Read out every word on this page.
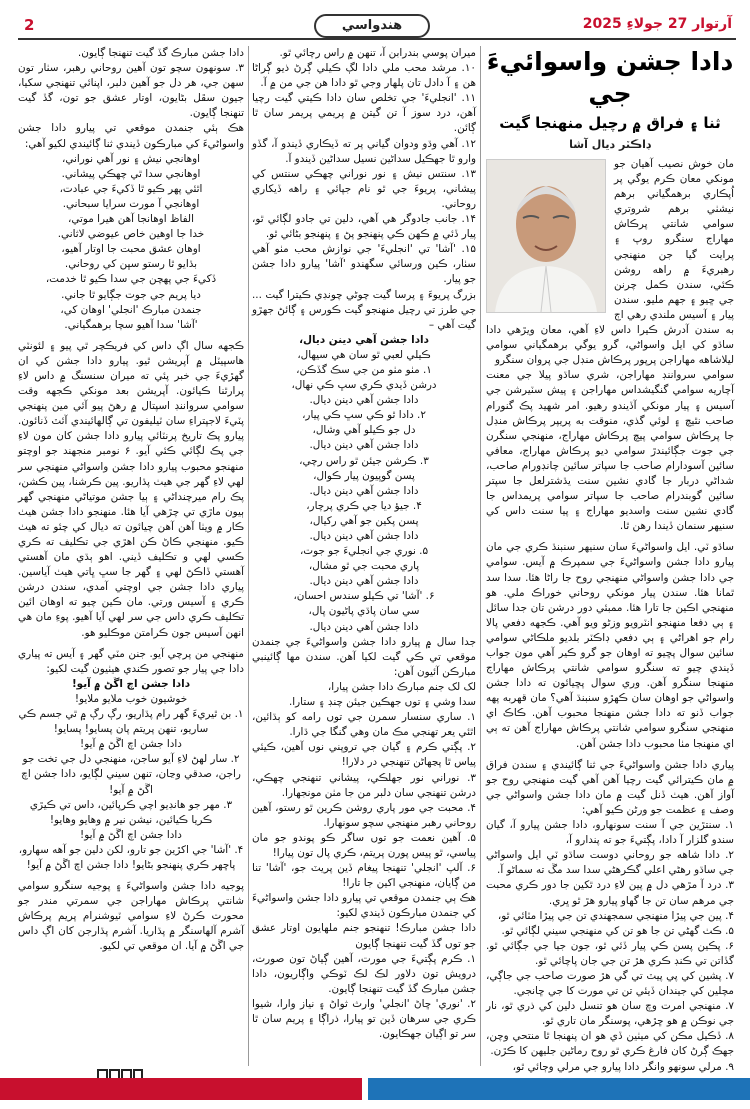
2	هندواسي	آرتوار 27 جولاءِ 2025
دادا جشن واسوائيءَ جي
ثنا ۽ فراق ۾ رچيل منهنجا گيت
ڊاڪٽر ديال آشا

مان خوش نصيب آهيان جو مونکي معان ڪرم يوگي پر اُپڪاري برهمگياني برهم نيشٺي برهم شروتري سوامي شانتي پرڪاش مهاراج سنگرو روپ ۽ پرايت گيا جن منهنجي رهبريءَ ۾ راهه روشن ڪئي، سندن ڪمل چرنن جي ڇيو ۽ جهم مليو. سندن پيار ۽ آسيس ملندي رهي اڄ به سندن آدرش ڪيرا داس لاءِ آهي، معان ويڙهي دادا ساڌو کي ايل واسواڻي، گرو يوگي برهمگياني سوامي ليلاشاهه مهاراجن پرپور پرڪاش منڊل جي پروان سنگرو

سوامي سرواننڊ مهاراجن، شري ساڌو پيلا جي معنت آچاريه سوامي گنگيشداس مهاراجن ۽ پيش سٽيرشن جي آسيس ۽ پيار مونکي آڏيندو رهيو. امر شهيد پڪ گنورام صاحب نٿيچ ۽ لوئي گذي، منوقت به پريپر پرڪاش منڊل جا پرڪاش سوامي پيچ پرڪاش مهاراج، منهنجي سنگرن جي جوت جڳائيندڙ سوامي ديو پرڪاش مهاراج، معافي سائين آسودارام صاحب جا سپاتر سائين چانڊورام صاحب، شداڻي دربار جا گادي نشين سنت يڌشترلعل جا سپتر سائين گوبندرام صاحب جا سپاتر سوامي پريمداس جا گادي نشين سنت واسديو مهاراج ۽ پيا سنت داس کي سنيهر سنمان ڏيندا رهن ٿا.

ساڌو ٽي. ايل واسواڻيءَ سان سنيهر سنبنڌ ڪري جي مان پيارو دادا جشن واسواڻيءَ جي سمپرڪ ۾ آيس. سوامي جي دادا جشن واسواڻي منهنجي روح جا راڻا هئا. سدا سد ٿمانا هئا. سندن پيار مونکي روحاني خوراڪ ملي. هو منهنجي اڪين جا تارا هئا. ممبئي دور درشن تان جدا سائل ۽ ٻي دفعا منهنجو انٽرويو وزڻو ويو آهي. ڪجهه دفعي پالا رام جو اهراڻي ۽ ٻي دفعي ڊاڪٽر بلديو ملڪاڻي سوامي سائين سوال پڇيو ته اوهان جو گرو ڪير آهي مون جواب ڏيندي چيو ته سنگرو سوامي شانتي پرڪاش مهاراج منهنجا سنگرو آهن. وري سوال پڇيائون ته دادا جشن واسواڻي جو اوهان سان ڪهڙو سنبنڌ آهي؟ مان قهربه پهه جواب ڏنو ته دادا جشن منهنجا محبوب آهن. ڪاڪ اي منهنجي سنگرو سوامي شانتي پرڪاش مهاراج آهن ته ٻي اي منهنجا مٺا محبوب دادا جشن آهن.

پياري دادا جشن واسواڻيءَ جي ثنا ڳائيندي ۽ سندن فراق ۾ مان ڪيترائي گيت رچيا آهن آهي گيت منهنجي روح جو آواز آهن. هيٺ ڏنل گيت ۾ مان دادا جشن واسواڻي جي وصف ۽ عظمت جو ورڻن ڪيو آهي:

۱. سنتڙين جي آ سنت سونهارو، دادا جشن پيارو آ، گيان سندو گلزار آ دادا، پڳتيءَ جو ته پندارو آ،

۲. دادا شاهه جو روحاني دوست ساڌو ٽي ايل واسواڻي جي ساڌو رهڻي اعلي گڪرهڻي سدا سد مڱ ته سماڻو آ.

۳. درد آ مڙهي دل ۾ پين لاءِ درد ٿکين جا دور ڪري محبت جي مرهم سان تن جا گهاو پيارو هڙ ٿو ڀري.

۴. پين جي پيڙا منهنجي سمجهندي تن جي پيڙا مٽائي ٿو،

۵. ڪٺ گهڻي تن جا هو تن کي منهنجي سيني لڳائي ٿو.

۶. پڪين پسن ڪي پيار ڏئي ٿو، جون جيا جي جڳائي ٿو. گڏاتن تي ڪنڊ ڪري هڙ تن جي جان پاچائي ٿو.

۷. پشين کي پي پيٽ تي گي هڙ صورت صاحب جي جاڳي، مچلين کي جيندان ڏيئي تن تي مورت کا جي ڇانجي.

۷. منهنجي امرت وچ سان هو تنسل دلين کي ذري ٿو، نار جي نوڪن ۾ هو ڇڙهي، پوسنگر مان تاري ٿو.

۸. ڏڪيل مڪن کي ميٺين ڏي هو ان پنهنجا ٿا منتحي وچن، جهڪ ڳرڻ کان فارغ ڪري ٿو روح رماڻين جليهن کا ڪڙن.

۹. مرلي سونهو وانگر دادا پيارو جي مرلي وڄائي ٿو،

ميران پوسي بندرابن آ، تنهن ۾ راس رچائي ٿو.

۱۰. مرشد محب ملي دادا لڳ ڪيلي ڳرڻ ذيو ڳراڻا هن ۽ آ دادل تان پلهار وجي ٿو دادا هن جي من ۾ آ.

۱۱. 'انجليءَ' جي تخلص سان دادا ڪيتي گيت رچيا آهن، درد سوز آ تن گيتن ۾ پريمي پريمر سان ٿا ڳائن.

۱۲. آهي وڌو ودوان گياني پر ته ڏيڪاري ڏيندو آ، گڏو وارو ٿا جهڪيل سداڻين نسيل سداڻين ڏيندو آ.

۱۳. سنتس نيش ۽ نور نوراني چهڪي سنتس کي پيشاني، پريوءَ جي ٿو نام جپائي ۽ راهه ڏيکاري روحاني.

۱۴. جانب جادوگر هي آهي، دلين تي جادو لڳائي ٿو، پيار ڏئي ۾ ڪهن ڪي پنهنجو پڻ ۽ پنهنجو بڻائي ٿو.

۱۵. 'آشا' تي 'انجليءَ' جي نوازش محب مٺو آهي سٺار، ڪين ورسائي سگهندو 'آشا' پيارو دادا جشن جو پيار.

بزرگ پريوءَ ۽ پرسا گيت چوڻي چونڊي ڪيترا گيت ... جي طرز تي رچيل منهنجو گيت ڪورس ۽ ڳائڻ جهڙو گيت آهي –

دادا جشن آهي دينن ديال،

ڪيلي لعبي ٿو سان هي سيهال،

۱. مٺو مٺو من جي سڪ گڏڪن،

درشن ڏيدي ڪري سڀ ڪي نهال،

دادا جشن آهي دينن ديال.

۲. دادا ٿو ڪي سڀ ڪي پيار،

دل جو ڪيلو آهي وشال،

دادا جشن آهي دينن ديال.

۳. ڪرشن جيئن ٿو راس رچي،

پسن گوپيون پيار ڪوال،

دادا جشن آهي دينن ديال.

۴. جيؤ ديا جي ڪري پرچار،

پسن پکين جو آهي رکيال،

دادا جشن آهي دينن ديال.

۵. نوري جي انجليءَ جو جوت،

پاري محبت جي ٿو مشال،

دادا جشن آهي دينن ديال.

۶. 'آشا' تي ڪيلو سندس احسان،

سي سان پاڌي پاڻيون پال،

دادا جشن آهي دينن ديال.

جدا سال ۾ پيارو دادا جشن واسواڻيءَ جي جنمدن موقعي تي ڪي گيت لکيا آهن. سندن مها ڳائينبي مبارڪن آئيون آهن:

لک لک جنم مبارڪ دادا جشن پيارا،

سدا وشي ۽ توں جهڪين جيئن چنڊ ۽ ستارا.

۱. ساري سنسار سمرن جي توں رامه کو ٻڌائين، اٿئي يعر تهنجي مڪ مان وهي گنگا جي ڌارا.

۲. پڳتي ڪرم ۽ گيان جي تروپني نوں آهين، ڪيئي پياس ٿا پڃهاڻن تنهنجي در دلارا!

۳. نوراني نور جهلڪي، پيشاني تنهنجي چهڪي، درشن تنهنجي سان دلبر من جا مٺن مونجهارا.

۴. محبت جي مور پاري روشن ڪرين ٿو رستو، آهين روحاني رهبر منهنجي سچو سونهارا.

۵. آهين نعمت جو توں ساگر ڪو پوندو جو مان پياسي، ٿو پيس پورن پريتم، ڪري پال تون پيارا!

۶. آلپ 'انجلي' تنهنجا پيغام ڏين پريٽ جو، 'آشا' تنا من ڳايان، منهنجي اکين جا تارا!

هڪ ٻي جنمدن موقعي تي پيارو دادا جشن واسواڻيءَ کي جنمدن مبارڪون ڏيندي لکيو:

دادا جشن مبارڪ! تنهنجو جنم ملهايون اوتار عشق جو توں گڏ گيت تنهنجا ڳايون

۱. ڪرم پڳتيءَ جي مورت، آهين ڳياڻ تون صورت، درويش تون دلاور لڪ لڪ ٽوڪي واڳاريون، دادا جشن مبارڪ گڏ گيت تنهنجا ڳايون.

۲. 'نوري' ڇاڻ 'انجلي' وارث ثواڻ ۽ نياز وارا، شيوا ڪري جي سرهان ڏين تو پيارا، ذراڳا ۽ پريم سان ٿا سر تو اڳيان جهڪايون.

دادا جشن مبارڪ گڏ گيت تنهنجا ڳايون.

۳. سونهون سچو تون آهين روحاني رهبر، سٺار تون سهن جي، هر دل جو آهين دلبر، اپنائي تنهنجي سکيا، جيون سڦل بڻايون، اوتار عشق جو تون، گڏ گيت تنهنجا ڳايون.

هڪ ٻئي جنمدن موقعي تي پيارو دادا جشن واسواڻيءَ کي مبارڪون ڏيندي ثنا ڳائيندي لکيو آهي:

اوهانجي نيش ۽ نور آهي نوراني،

اوهانجي سدا ٿي چهڪي پيشاني.

اٿئي پهر ڪيو ٿا ڏکيءَ جي عبادت،

اوهانجي آ مورت سرايا سبحاني.

الفاظ اوهانجا آهن هيرا موتي،

خدا جا اوهين خاص عيوضي لاثاني.

اوهان عشق محبت جا اوتار آهيو،

بڌايو ٿا رستو سڀن کي روحاني.

ڏکيءَ جي پهچن جي سدا ڪيو ٿا خدمت،

ديا پريم جي جوت جڳايو ٿا جاني.

جنمدن مبارڪ 'انجلي' اوهان کي،

'آشا' سدا آهيو سچا برهمگياني.

ڪجهه سال اڳ داس کي فريڪچر ٿي پيو ۽ لئونٽي هاسپيٽل ۾ آپريشن ٿيو. پيارو دادا جشن کي ان گهڙيءَ جي خبر پئي ته ميران سنسنگ ۾ داس لاءِ پرارٿنا ڪيائون. آپريشن بعد مونکي ڪجهه وقت سوامي سرواننڊ اسپتال ۾ رهڻ پيو آئي مين پنهنجي پٽيءَ لاجپتراءِ سان ٽيليفون تي ڳالهائيندي آئٽ ڏنائون. پيارو پڪ تاريخ پرنٽائي پيارو دادا جشن کان مون لاءِ جي پڪ لڳائي ڪئي آيو. ۶ نومبر منجهند جو اوچتو منهنجو محبوب پيارو دادا جشن واسواڻي منهنجي سر لهي لاءِ گهر جي هيٺ پڌاريو. پين ڪرشنا، پين ڪشن، پڪ رام ميرچنداڻي ۽ ٻيا جشن موتياڻي منهنجي گهر ٻيون ماڙي تي چڙهي آيا هئا. منهنجو دادا جشن هيٺ ڪار ۾ ويٺا آهن آهن چيائون ته ديال کي چئو ته هيٺ ڪيو. منهنجي ڪاڻ ڪن اهڙي جي تڪليف ته ڪري ڪسي لهي و تڪليف ڏيني. اهو ٻڌي مان آهستي آهستي ڏاڪڻ لهي ۽ گهر جا سڀ ڀاتي هيٺ آياسين. پياري دادا جشن جي اوچتي آمدي، سندن درشن ڪري ۽ آسيس ورتي. مان ڪين چيو ته اوهان ائين تڪليف ڪري داس جي سر لهي آيا آهيو. پوءِ مان هي انهن آسيس جون ڪرامتن موڪليو هو.

منهنجي من پرچي آيو. جنن مٽي گهر ۽ آيس ته پياري دادا جي پيار جو تصور ڪندي هيٺيون گيت لکيو:

دادا جشن اچ اڱڻ ۾ آيو!

خوشيون خوب ملايو ملايو!

۱. بن ٿيريءَ گهر رام پڌاريو، رڳ رڳ ۾ ٿي جسم ڪي ساريو، تنهن پريتم پان پسايو! پسايو!

دادا جشن اچ اڱڻ ۾ آيو!

۲. سار لهڻ لاءِ آيو ساجن، منهنجي دل جي تخت جو راجن، صدقي وڃان، تنهن سيني لڳايو، دادا جشن اچ اڱڻ ۾ آيو!

۳. مهر جو هانڊيو اچي ڪرپائين، داس تي ڪيڙي ڪريا ڪيائين، نيشن نير ۾ وهايو وهايو!

دادا جشن اچ اڱڻ ۾ آيو!

۴. 'آشا' جي اکڙين جو تارو، لکن دلين جو آهه سهارو، پاڇهر ڪري پنهنجو بڻايو! دادا جشن اچ اڱڻ ۾ آيو!

پوجيه دادا جشن واسواڻيءَ ۽ پوجيه سنگرو سوامي شانتي پرڪاش مهاراجن جي سمرتي مندر جو محورت ڪرڻ لاءِ سوامي ٽيوشنرام پريم پرڪاش آشرم آلهاسنگر ۾ پڌاريا. آشرم پڌارجن کان اڳ داس جي اڱڻ ۾ آيا. ان موقعي تي لکيو.
